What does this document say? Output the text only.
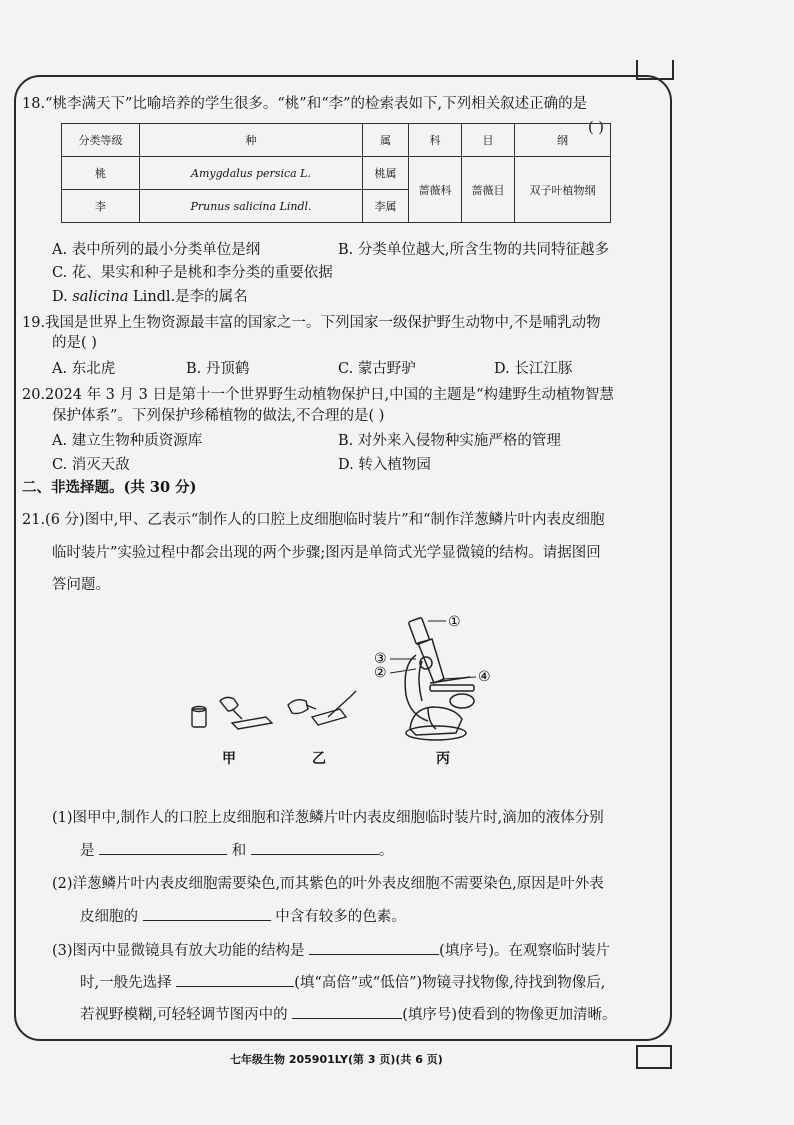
18.“桃李满天下”比喻培养的学生很多。“桃”和“李”的检索表如下,下列相关叙述正确的是
( )
分类等级	种	属	科	目	纲
桃	Amygdalus persica L.	桃属	蔷薇科	蔷薇目	双子叶植物纲
李	Prunus salicina Lindl.	李属			
A. 表中所列的最小分类单位是纲	B. 分类单位越大,所含生物的共同特征越多
C. 花、果实和种子是桃和李分类的重要依据
D. salicina Lindl.是李的属名
19.我国是世界上生物资源最丰富的国家之一。下列国家一级保护野生动物中,不是哺乳动物
的是( )
A. 东北虎	B. 丹顶鹤	C. 蒙古野驴	D. 长江江豚
20.2024 年 3 月 3 日是第十一个世界野生动植物保护日,中国的主题是“构建野生动植物智慧
保护体系”。下列保护珍稀植物的做法,不合理的是( )
A. 建立生物种质资源库	B. 对外来入侵物种实施严格的管理
C. 消灭天敌	D. 转入植物园
二、非选择题。(共 30 分)
21.(6 分)图中,甲、乙表示“制作人的口腔上皮细胞临时装片”和“制作洋葱鳞片叶内表皮细胞
临时装片”实验过程中都会出现的两个步骤;图丙是单筒式光学显微镜的结构。请据图回
答问题。
①
②
③
④
甲	乙	丙
(1)图甲中,制作人的口腔上皮细胞和洋葱鳞片叶内表皮细胞临时装片时,滴加的液体分别
是	和	。
(2)洋葱鳞片叶内表皮细胞需要染色,而其紫色的叶外表皮细胞不需要染色,原因是叶外表
皮细胞的	中含有较多的色素。
(3)图丙中显微镜具有放大功能的结构是	(填序号)。在观察临时装片
时,一般先选择	(填“高倍”或“低倍”)物镜寻找物像,待找到物像后,
若视野模糊,可轻轻调节图丙中的	(填序号)使看到的物像更加清晰。
七年级生物 205901LY(第 3 页)(共 6 页)
